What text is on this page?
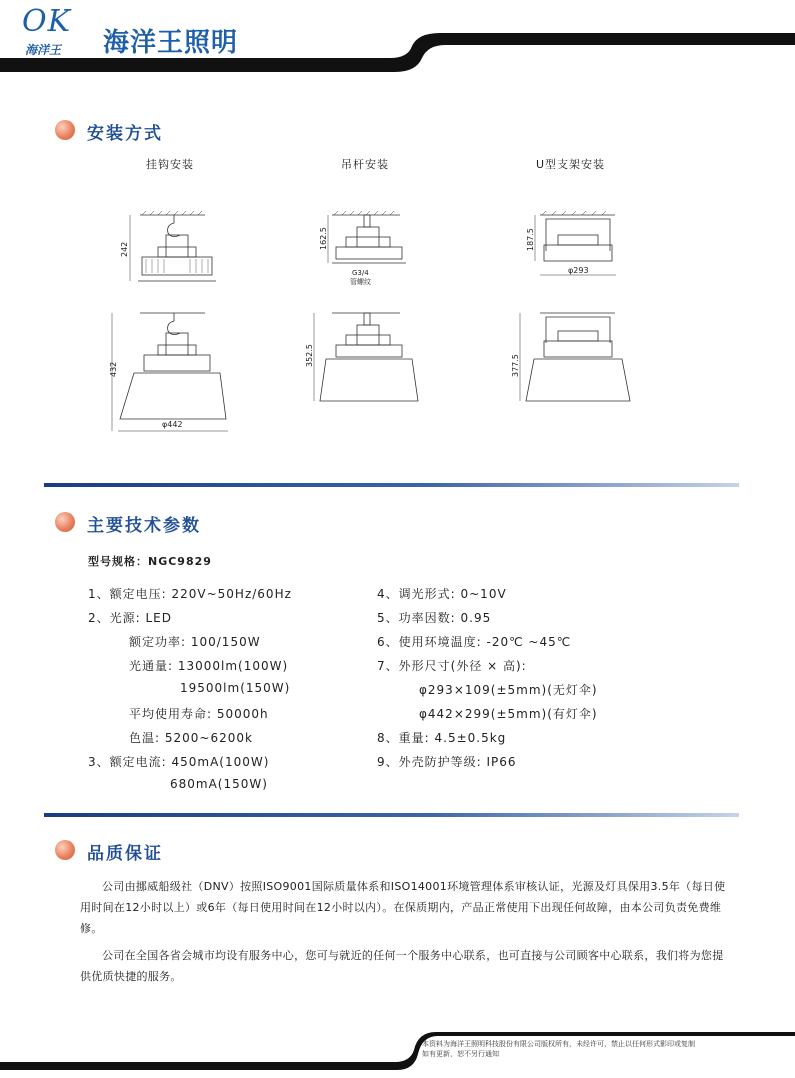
OK
海洋王 海洋王照明
安装方式
挂钩安装	吊杆安装	U型支架安装
242
432
φ442
162.5
G3/4
管螺纹
352.5
187.5
φ293
377.5
主要技术参数
型号规格：NGC9829
1、额定电压: 220V~50Hz/60Hz
2、光源: LED
额定功率: 100/150W
光通量: 13000lm(100W)
19500lm(150W)
平均使用寿命: 50000h
色温: 5200~6200k
3、额定电流: 450mA(100W)
680mA(150W)
4、调光形式: 0~10V
5、功率因数: 0.95
6、使用环境温度: -20℃ ~45℃
7、外形尺寸(外径 × 高):
φ293×109(±5mm)(无灯伞)
φ442×299(±5mm)(有灯伞)
8、重量: 4.5±0.5kg
9、外壳防护等级: IP66
品质保证
公司由挪威船级社（DNV）按照ISO9001国际质量体系和ISO14001环境管理体系审核认证，光源及灯具保用3.5年（每日使用时间在12小时以上）或6年（每日使用时间在12小时以内）。在保质期内，产品正常使用下出现任何故障，由本公司负责免费维修。
公司在全国各省会城市均设有服务中心，您可与就近的任何一个服务中心联系，也可直接与公司顾客中心联系，我们将为您提供优质快捷的服务。
本资料为海洋王照明科技股份有限公司版权所有，未经许可，禁止以任何形式影印或复制
如有更新，恕不另行通知
